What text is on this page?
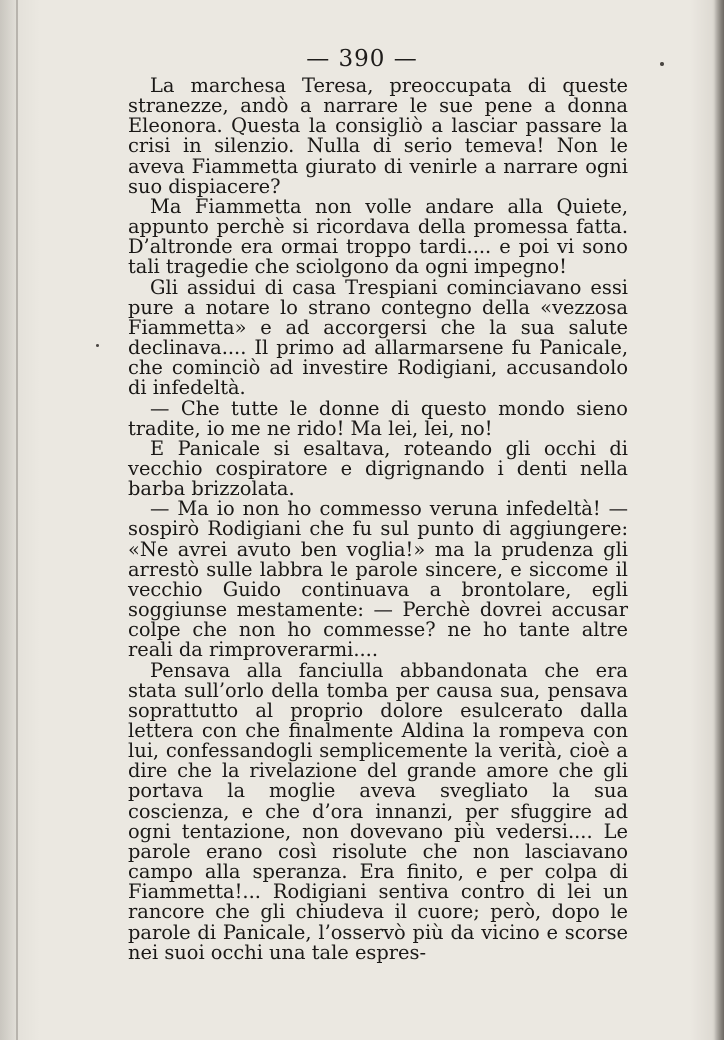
— 390 —

La marchesa Teresa, preoccupata di queste stranezze, andò a narrare le sue pene a donna Eleonora. Questa la consigliò a lasciar passare la crisi in silenzio. Nulla di serio temeva! Non le aveva Fiammetta giurato di venirle a narrare ogni suo dispiacere?

Ma Fiammetta non volle andare alla Quiete, appunto perchè si ricordava della promessa fatta. D’altronde era ormai troppo tardi.... e poi vi sono tali tragedie che sciolgono da ogni impegno!

Gli assidui di casa Trespiani cominciavano essi pure a notare lo strano contegno della «vezzosa Fiammetta» e ad accorgersi che la sua salute declinava.... Il primo ad allarmarsene fu Panicale, che cominciò ad investire Rodigiani, accusandolo di infedeltà.

— Che tutte le donne di questo mondo sieno tradite, io me ne rido! Ma lei, lei, no!

E Panicale si esaltava, roteando gli occhi di vecchio cospiratore e digrignando i denti nella barba brizzolata.

— Ma io non ho commesso veruna infedeltà! — sospirò Rodigiani che fu sul punto di aggiungere: «Ne avrei avuto ben voglia!» ma la prudenza gli arrestò sulle labbra le parole sincere, e siccome il vecchio Guido continuava a brontolare, egli soggiunse mestamente: — Perchè dovrei accusar colpe che non ho commesse? ne ho tante altre reali da rimproverarmi....

Pensava alla fanciulla abbandonata che era stata sull’orlo della tomba per causa sua, pensava soprattutto al proprio dolore esulcerato dalla lettera con che finalmente Aldina la rompeva con lui, confessandogli semplicemente la verità, cioè a dire che la rivelazione del grande amore che gli portava la moglie aveva svegliato la sua coscienza, e che d’ora innanzi, per sfuggire ad ogni tentazione, non dovevano più vedersi.... Le parole erano così risolute che non lasciavano campo alla speranza. Era finito, e per colpa di Fiammetta!... Rodigiani sentiva contro di lei un rancore che gli chiudeva il cuore; però, dopo le parole di Panicale, l’osservò più da vicino e scorse nei suoi occhi una tale espres-
